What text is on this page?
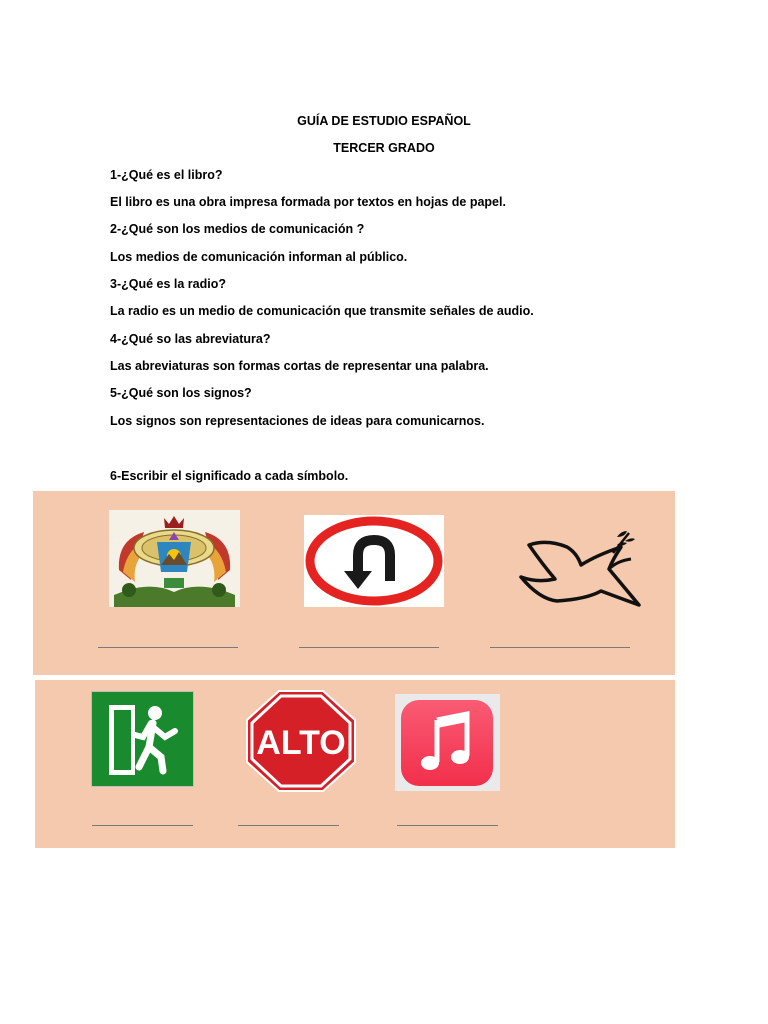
GUÍA DE ESTUDIO ESPAÑOL
TERCER GRADO
1-¿Qué es el libro?
El libro es una obra impresa formada por textos en hojas de papel.
2-¿Qué son los medios de comunicación ?
Los medios de comunicación informan al público.
3-¿Qué es la radio?
La radio es un medio de comunicación que transmite señales de audio.
4-¿Qué so las abreviatura?
Las abreviaturas son formas cortas de representar una palabra.
5-¿Qué son los signos?
Los signos son representaciones de ideas para comunicarnos.
6-Escribir el significado a cada símbolo.
ALTO
